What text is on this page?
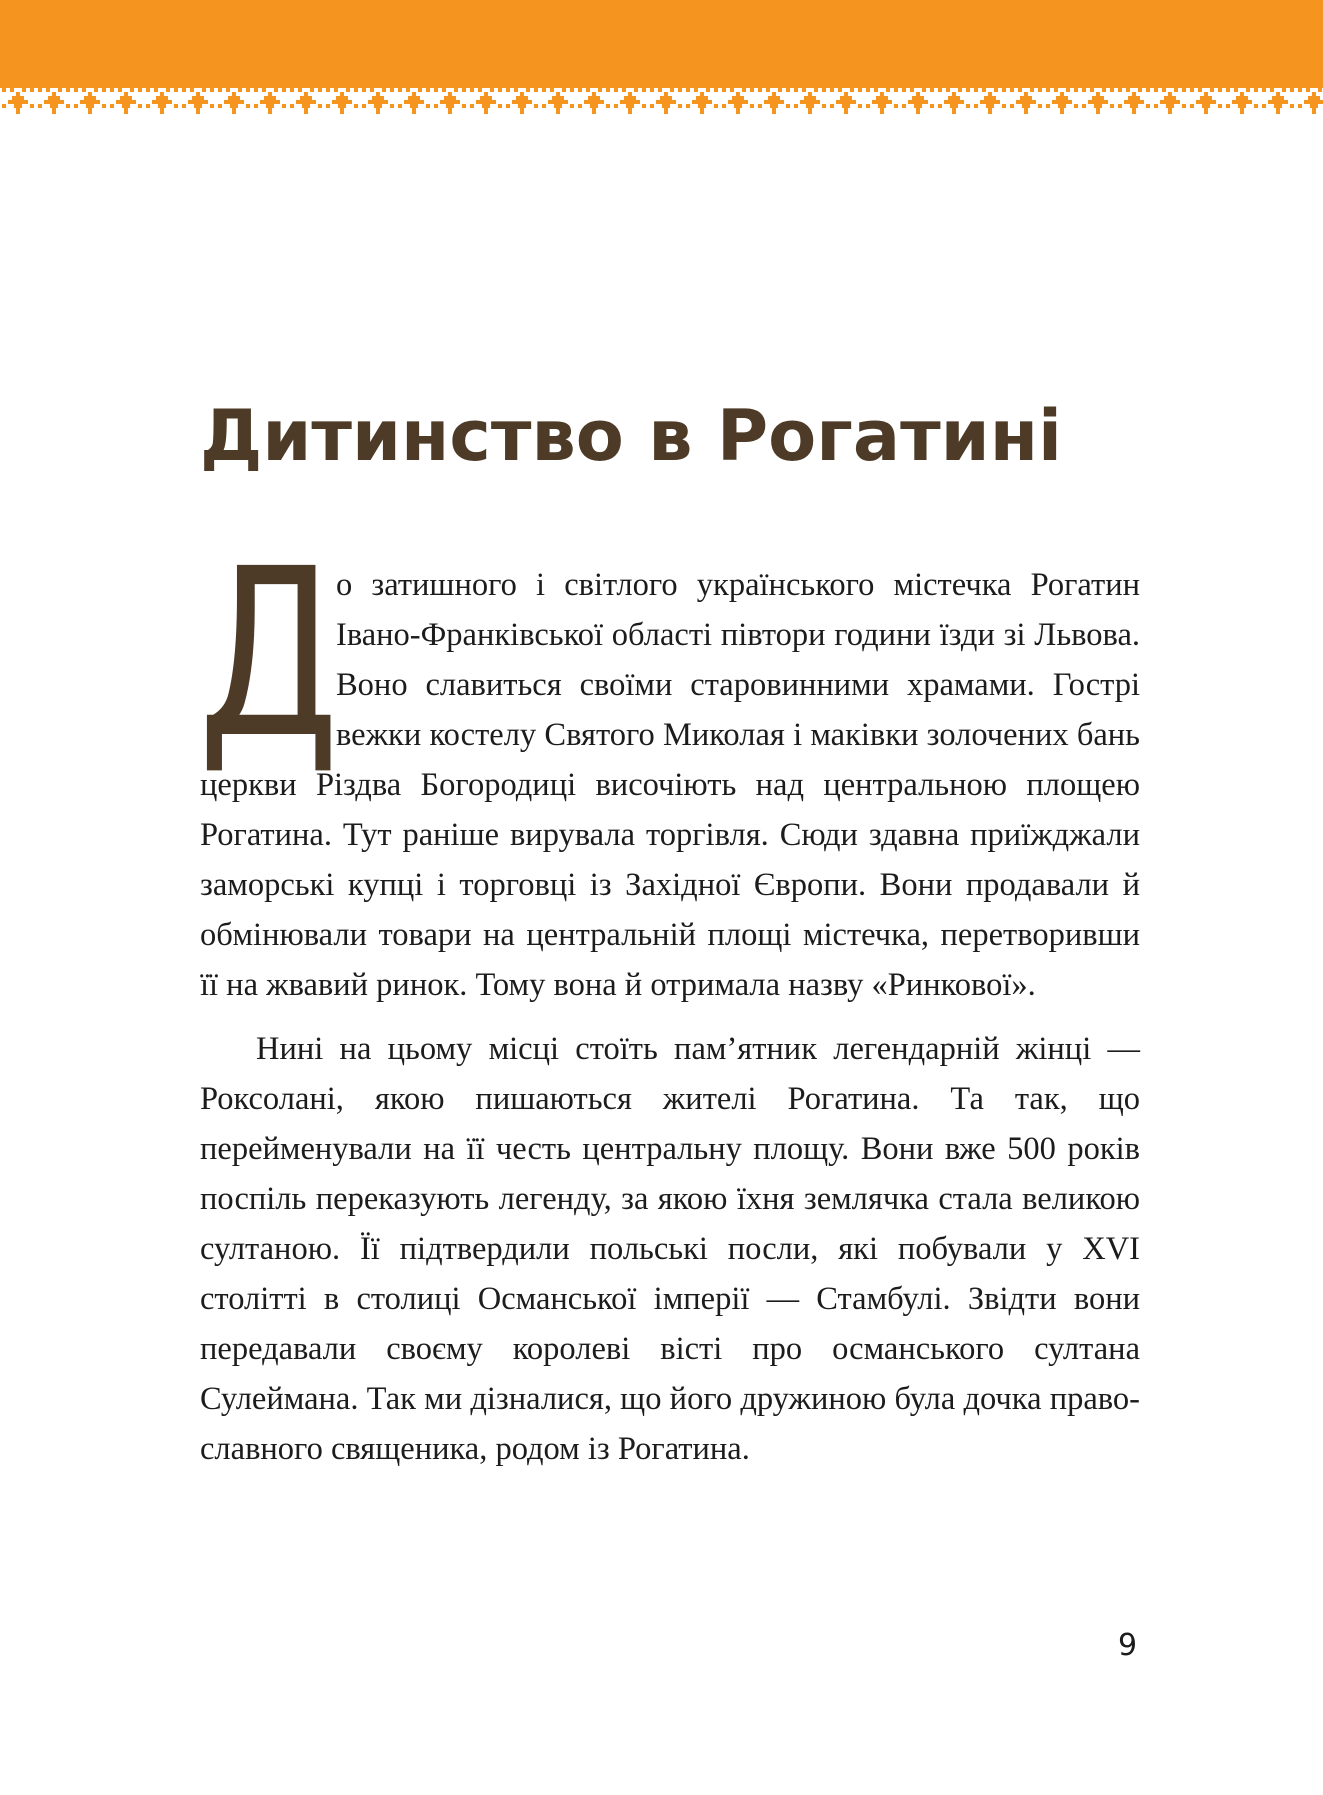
Дитинство в Рогатині

Д
о затишного і світлого українського містечка Рогатин Івано-Франківської області півтори години їзди зі Львова. Воно славиться своїми старовинними храмами. Гострі вежки костелу Святого Миколая і маківки золочених бань церкви Різдва Богородиці височіють над центральною площею Рогатина. Тут раніше вирувала торгівля. Сюди здавна приїжджали заморські купці і торговці із Західної Європи. Вони продавали й обмінювали товари на центральній площі містечка, перетворивши її на жвавий ринок. Тому вона й отримала назву «Ринкової».

Нині на цьому місці стоїть пам’ятник легендарній жінці — Роксолані, якою пишаються жителі Рогатина. Та так, що перейменували на її честь центральну площу. Вони вже 500 років поспіль переказують легенду, за якою їхня землячка стала великою султаною. Її підтвердили польські посли, які побували у XVI столітті в столиці Османської імперії — Стамбулі. Звідти вони передавали своєму королеві вісті про османського султана Сулеймана. Так ми дізналися, що його дружиною була дочка православного священика, родом із Рогатина.

9
